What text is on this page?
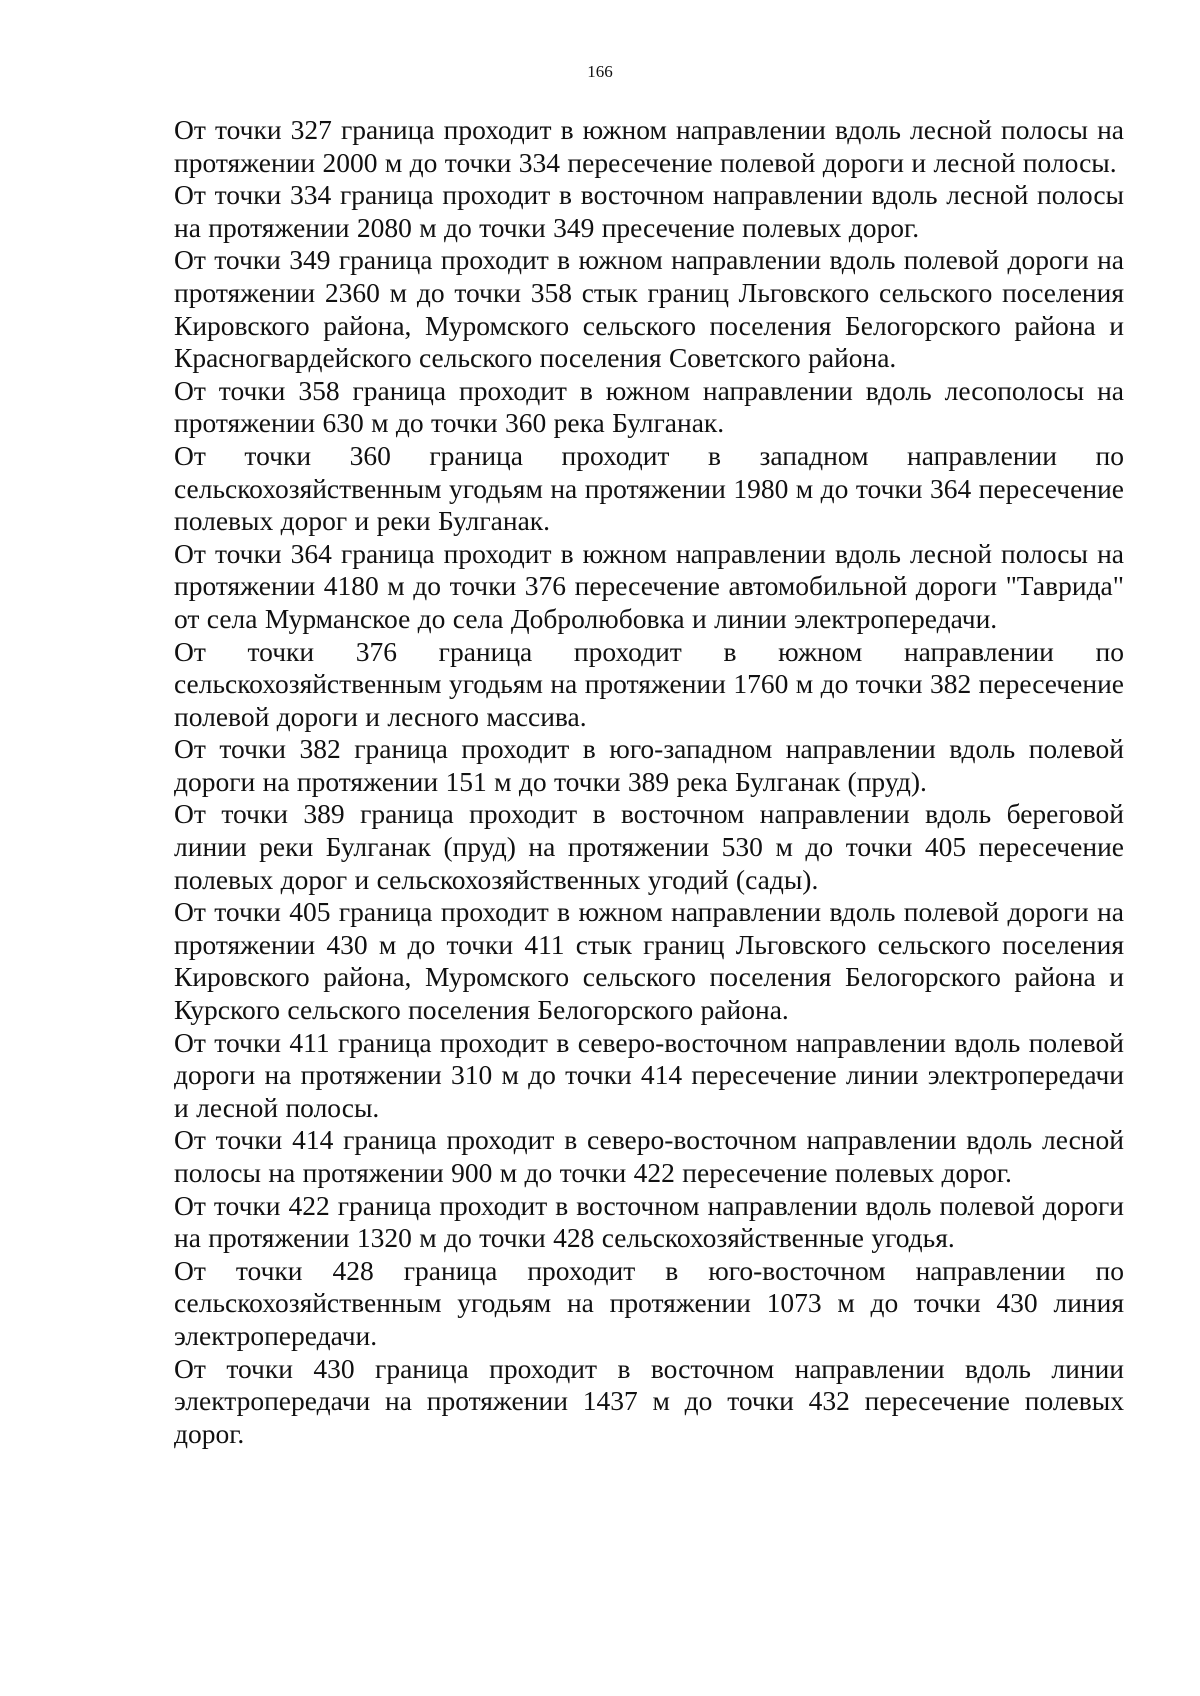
166

От точки 327 граница проходит в южном направлении вдоль лесной полосы на протяжении 2000 м до точки 334 пересечение полевой дороги и лесной полосы.

От точки 334 граница проходит в восточном направлении вдоль лесной полосы на протяжении 2080 м до точки 349 пресечение полевых дорог.

От точки 349 граница проходит в южном направлении вдоль полевой дороги на протяжении 2360 м до точки 358 стык границ Льговского сельского поселения Кировского района, Муромского сельского поселения Белогорского района и Красногвардейского сельского поселения Советского района.

От точки 358 граница проходит в южном направлении вдоль лесополосы на протяжении 630 м до точки 360 река Булганак.

От точки 360 граница проходит в западном направлении по сельскохозяйственным угодьям на протяжении 1980 м до точки 364 пересечение полевых дорог и реки Булганак.

От точки 364 граница проходит в южном направлении вдоль лесной полосы на протяжении 4180 м до точки 376 пересечение автомобильной дороги "Таврида" от села Мурманское до села Добролюбовка и линии электропередачи.

От точки 376 граница проходит в южном направлении по сельскохозяйственным угодьям на протяжении 1760 м до точки 382 пересечение полевой дороги и лесного массива.

От точки 382 граница проходит в юго-западном направлении вдоль полевой дороги на протяжении 151 м до точки 389 река Булганак (пруд).

От точки 389 граница проходит в восточном направлении вдоль береговой линии реки Булганак (пруд) на протяжении 530 м до точки 405 пересечение полевых дорог и сельскохозяйственных угодий (сады).

От точки 405 граница проходит в южном направлении вдоль полевой дороги на протяжении 430 м до точки 411 стык границ Льговского сельского поселения Кировского района, Муромского сельского поселения Белогорского района и Курского сельского поселения Белогорского района.

От точки 411 граница проходит в северо-восточном направлении вдоль полевой дороги на протяжении 310 м до точки 414 пересечение линии электропередачи и лесной полосы.

От точки 414 граница проходит в северо-восточном направлении вдоль лесной полосы на протяжении 900 м до точки 422 пересечение полевых дорог.

От точки 422 граница проходит в восточном направлении вдоль полевой дороги на протяжении 1320 м до точки 428 сельскохозяйственные угодья.

От точки 428 граница проходит в юго-восточном направлении по сельскохозяйственным угодьям на протяжении 1073 м до точки 430 линия электропередачи.

От точки 430 граница проходит в восточном направлении вдоль линии электропередачи на протяжении 1437 м до точки 432 пересечение полевых дорог.
